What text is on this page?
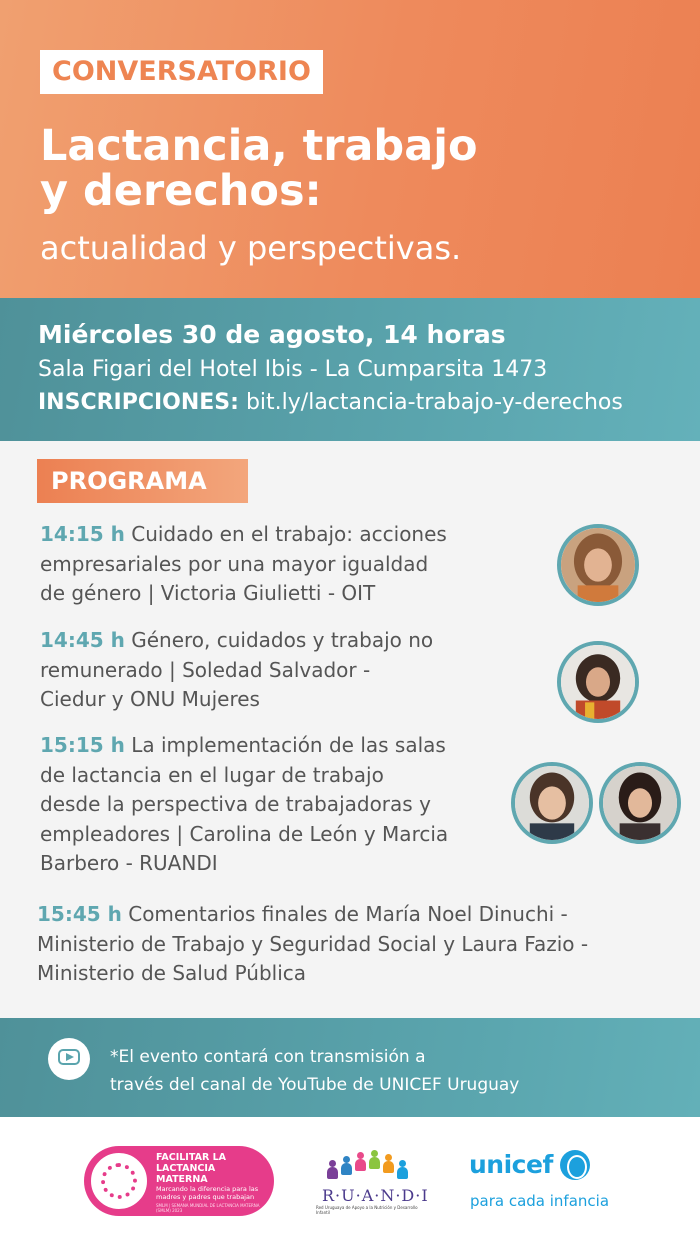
CONVERSATORIO
Lactancia, trabajo
y derechos:
actualidad y perspectivas.
Miércoles 30 de agosto, 14 horas
Sala Figari del Hotel Ibis - La Cumparsita 1473
INSCRIPCIONES: bit.ly/lactancia-trabajo-y-derechos
PROGRAMA
14:15 h Cuidado en el trabajo: acciones
empresariales por una mayor igualdad
de género | Victoria Giulietti - OIT
14:45 h Género, cuidados y trabajo no
remunerado | Soledad Salvador -
Ciedur y ONU Mujeres
15:15 h La implementación de las salas
de lactancia en el lugar de trabajo
desde la perspectiva de trabajadoras y
empleadores | Carolina de León y Marcia
Barbero - RUANDI
15:45 h Comentarios finales de María Noel Dinuchi -
Ministerio de Trabajo y Seguridad Social y Laura Fazio -
Ministerio de Salud Pública
*El evento contará con transmisión a
través del canal de YouTube de UNICEF Uruguay
FACILITAR LA
LACTANCIA
MATERNA
Marcando la diferencia para las madres y padres que trabajan
SMLM | SEMANA MUNDIAL DE LACTANCIA MATERNA (SMLM) 2023
R·U·A·N·D·I
Red Uruguaya de Apoyo a la Nutrición y Desarrollo Infantil
unicef
para cada infancia
